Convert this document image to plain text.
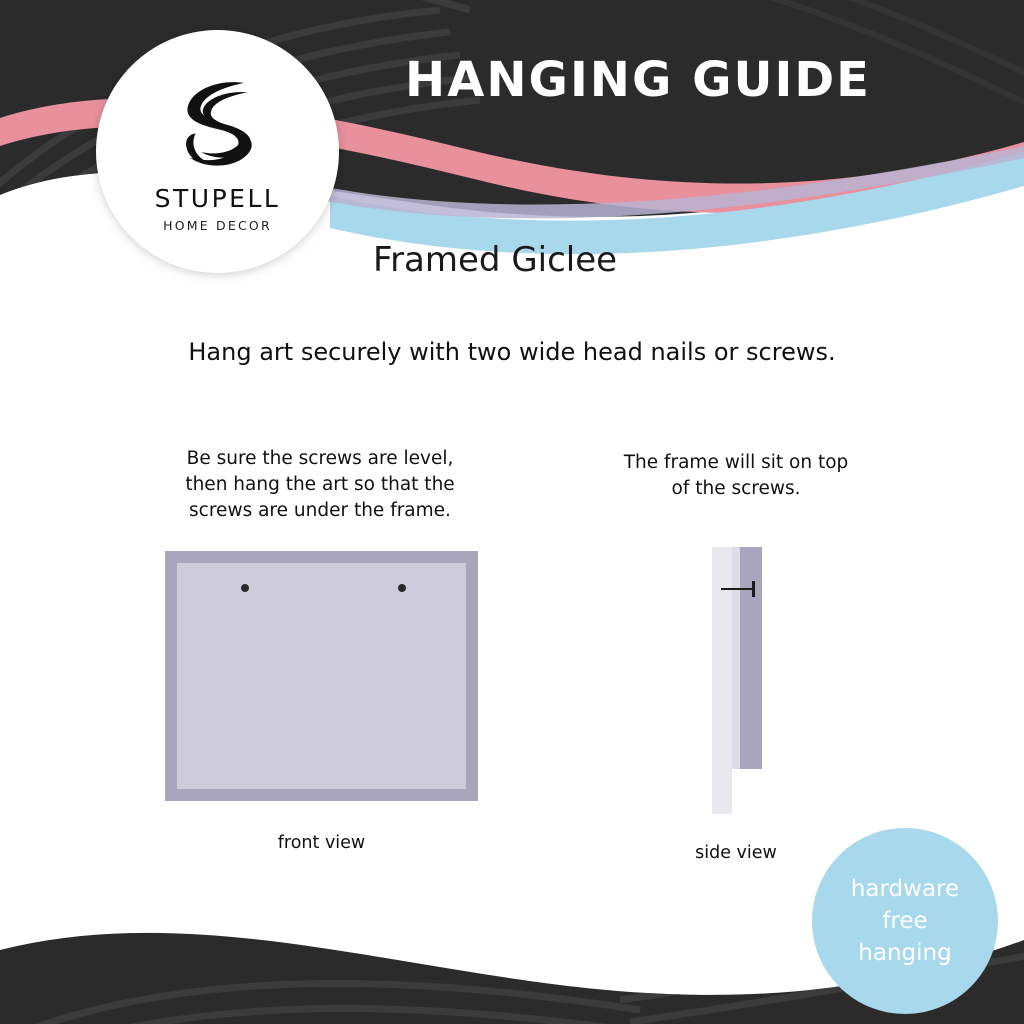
STUPELL
HOME DECOR
HANGING GUIDE
Framed Giclee
Hang art securely with two wide head nails or screws.
Be sure the screws are level,
then hang the art so that the
screws are under the frame.
front view
The frame will sit on top
of the screws.
side view
hardware
free
hanging
